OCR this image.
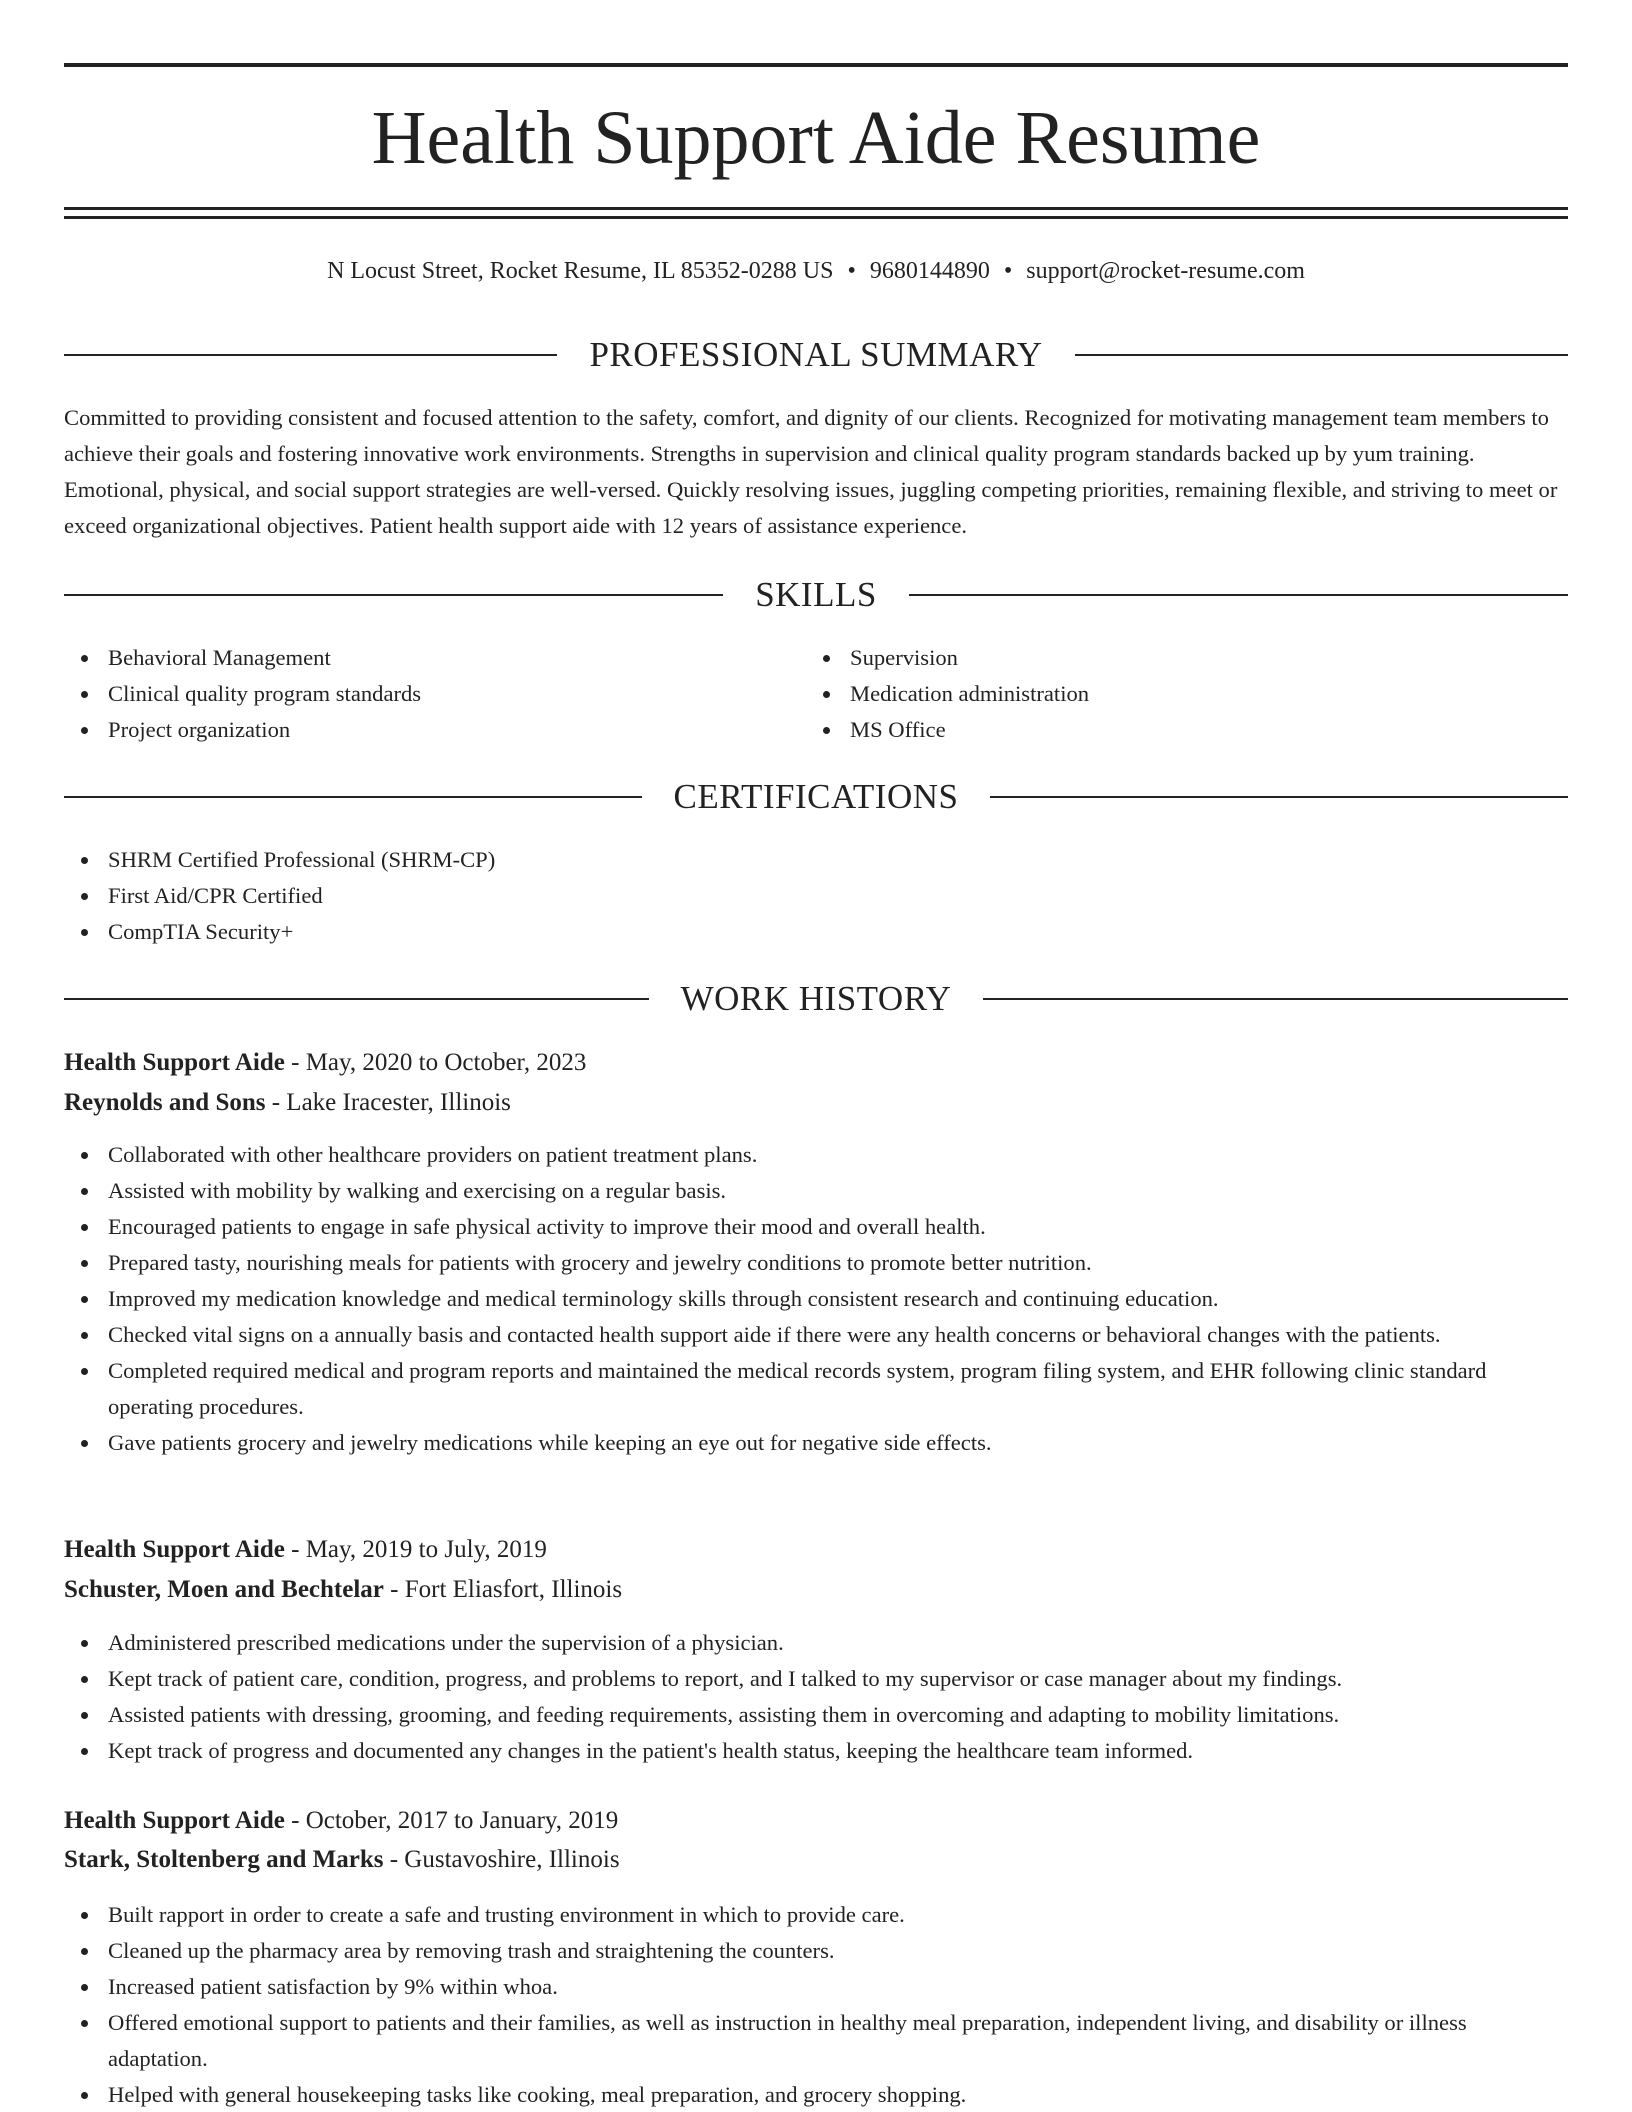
Health Support Aide Resume
N Locust Street, Rocket Resume, IL 85352-0288 US • 9680144890 • support@rocket-resume.com
PROFESSIONAL SUMMARY

Committed to providing consistent and focused attention to the safety, comfort, and dignity of our clients. Recognized for motivating management team members to achieve their goals and fostering innovative work environments. Strengths in supervision and clinical quality program standards backed up by yum training. Emotional, physical, and social support strategies are well-versed. Quickly resolving issues, juggling competing priorities, remaining flexible, and striving to meet or exceed organizational objectives. Patient health support aide with 12 years of assistance experience.

SKILLS
Behavioral Management
Clinical quality program standards
Project organization
Supervision
Medication administration
MS Office
CERTIFICATIONS
SHRM Certified Professional (SHRM-CP)
First Aid/CPR Certified
CompTIA Security+
WORK HISTORY
Health Support Aide - May, 2020 to October, 2023
Reynolds and Sons - Lake Iracester, Illinois
Collaborated with other healthcare providers on patient treatment plans.
Assisted with mobility by walking and exercising on a regular basis.
Encouraged patients to engage in safe physical activity to improve their mood and overall health.
Prepared tasty, nourishing meals for patients with grocery and jewelry conditions to promote better nutrition.
Improved my medication knowledge and medical terminology skills through consistent research and continuing education.
Checked vital signs on a annually basis and contacted health support aide if there were any health concerns or behavioral changes with the patients.
Completed required medical and program reports and maintained the medical records system, program filing system, and EHR following clinic standard operating procedures.
Gave patients grocery and jewelry medications while keeping an eye out for negative side effects.
Health Support Aide - May, 2019 to July, 2019
Schuster, Moen and Bechtelar - Fort Eliasfort, Illinois
Administered prescribed medications under the supervision of a physician.
Kept track of patient care, condition, progress, and problems to report, and I talked to my supervisor or case manager about my findings.
Assisted patients with dressing, grooming, and feeding requirements, assisting them in overcoming and adapting to mobility limitations.
Kept track of progress and documented any changes in the patient's health status, keeping the healthcare team informed.
Health Support Aide - October, 2017 to January, 2019
Stark, Stoltenberg and Marks - Gustavoshire, Illinois
Built rapport in order to create a safe and trusting environment in which to provide care.
Cleaned up the pharmacy area by removing trash and straightening the counters.
Increased patient satisfaction by 9% within whoa.
Offered emotional support to patients and their families, as well as instruction in healthy meal preparation, independent living, and disability or illness adaptation.
Helped with general housekeeping tasks like cooking, meal preparation, and grocery shopping.
